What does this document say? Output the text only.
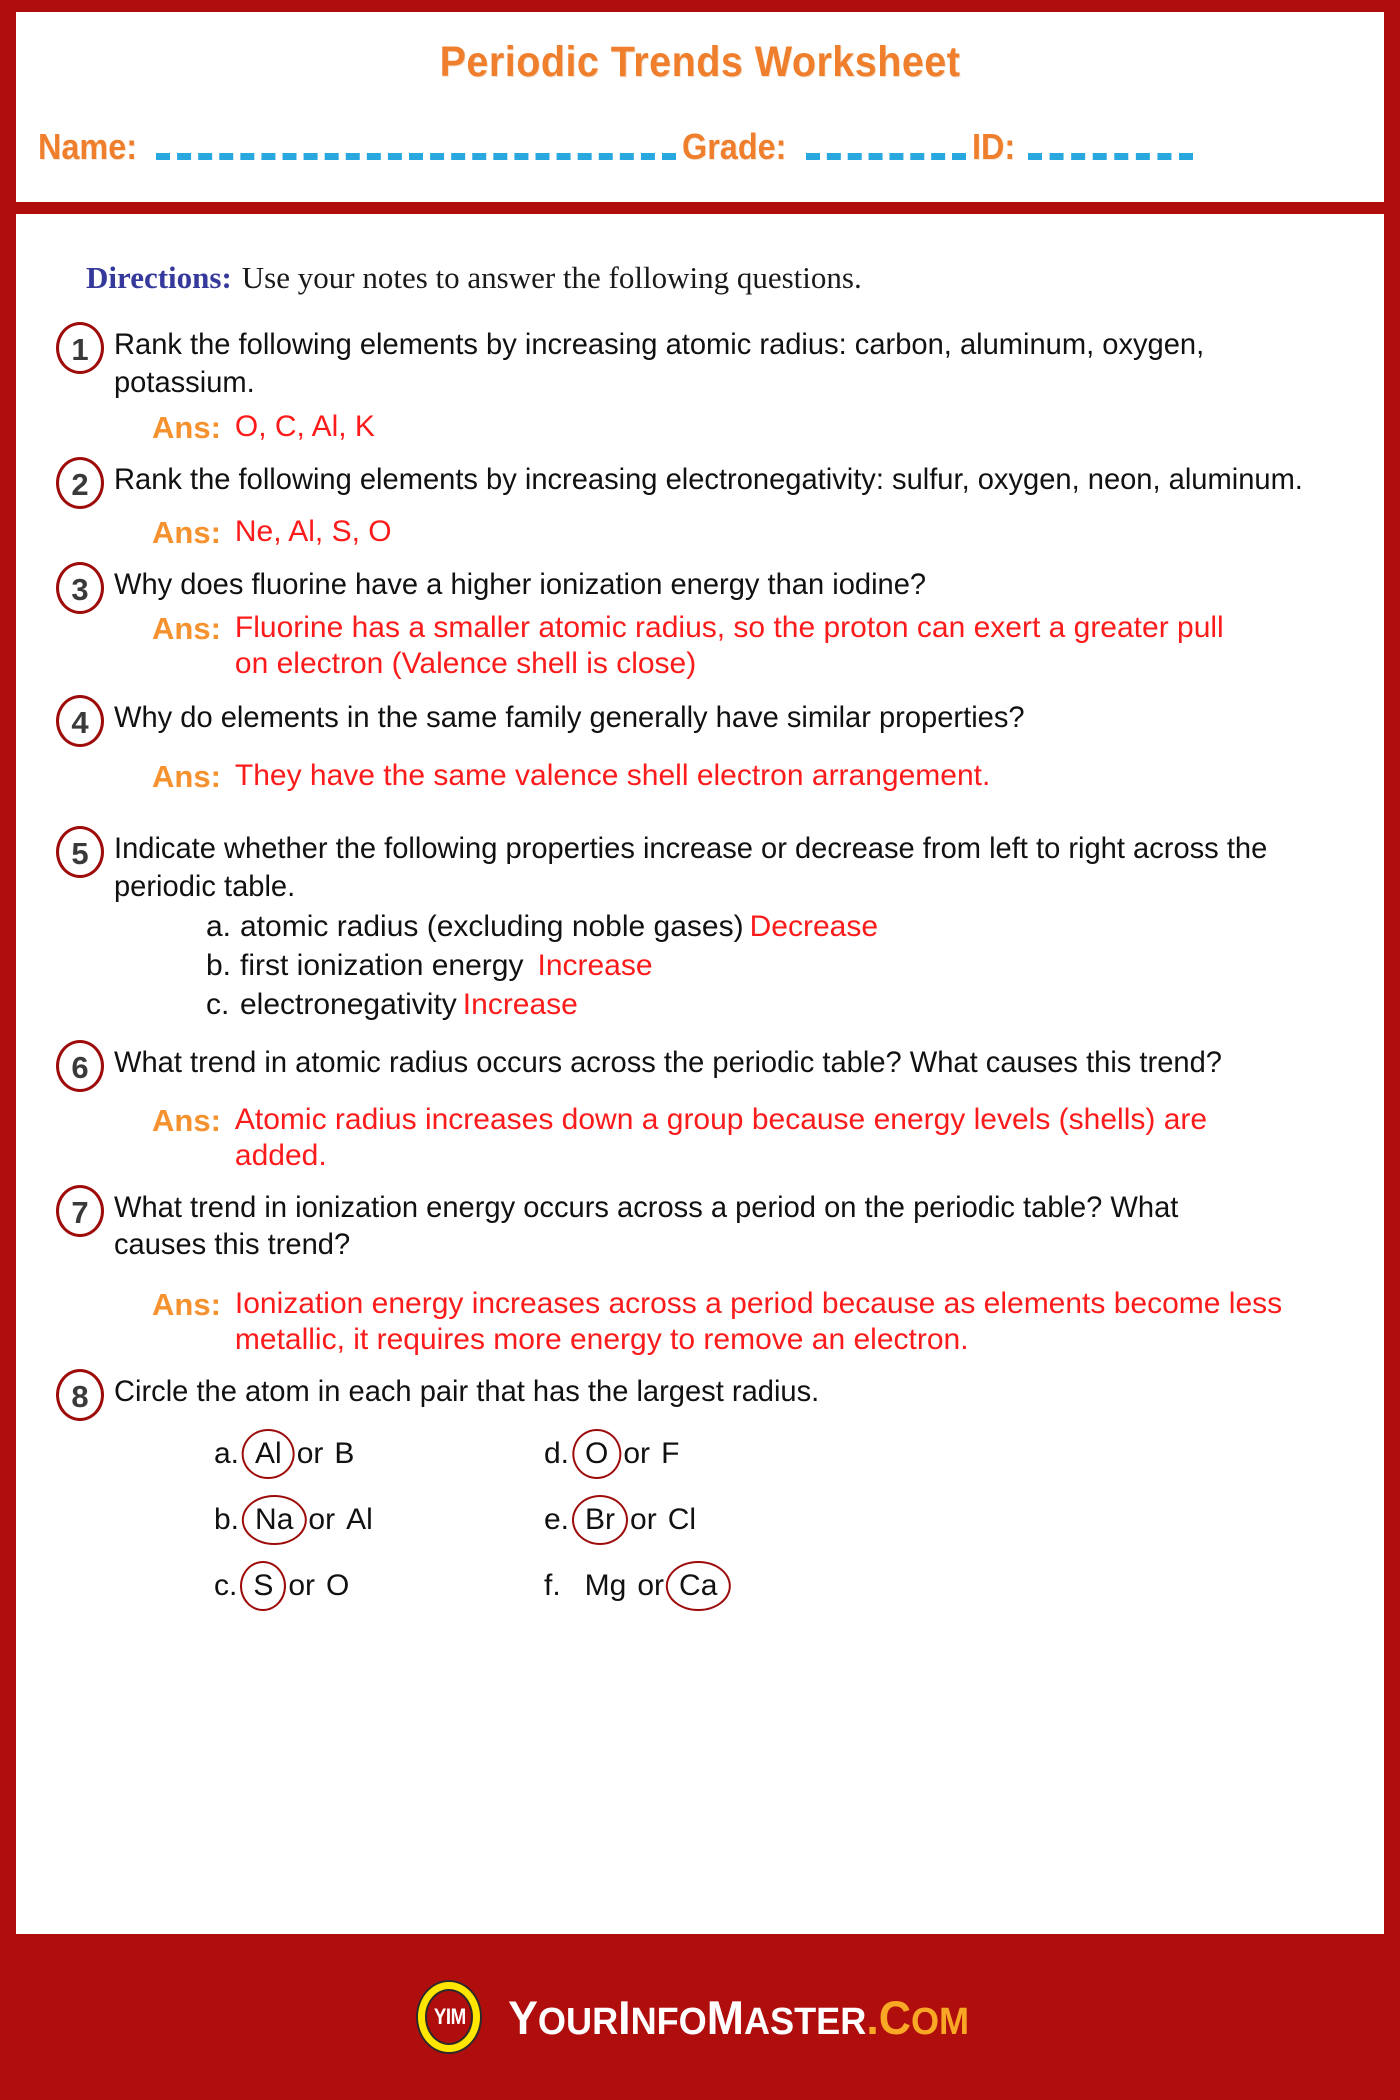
Periodic Trends Worksheet
Name:	Grade:	ID:
Directions: Use your notes to answer the following questions.
1 Rank the following elements by increasing atomic radius: carbon, aluminum, oxygen, potassium.
Ans: O, C, Al, K
2 Rank the following elements by increasing electronegativity: sulfur, oxygen, neon, aluminum.
Ans: Ne, Al, S, O
3 Why does fluorine have a higher ionization energy than iodine?
Ans: Fluorine has a smaller atomic radius, so the proton can exert a greater pull on electron (Valence shell is close)
4 Why do elements in the same family generally have similar properties?
Ans: They have the same valence shell electron arrangement.
5 Indicate whether the following properties increase or decrease from left to right across the periodic table.
a. atomic radius (excluding noble gases) Decrease
b. first ionization energy Increase
c. electronegativity Increase
6 What trend in atomic radius occurs across the periodic table? What causes this trend?
Ans: Atomic radius increases down a group because energy levels (shells) are added.
7 What trend in ionization energy occurs across a period on the periodic table? What causes this trend?
Ans: Ionization energy increases across a period because as elements become less metallic, it requires more energy to remove an electron.
8 Circle the atom in each pair that has the largest radius.
a. Al or B	d. O or F
b. Na or Al	e. Br or Cl
c. S or O	f. Mg or Ca
YIM YOURINFOMASTER.COM
